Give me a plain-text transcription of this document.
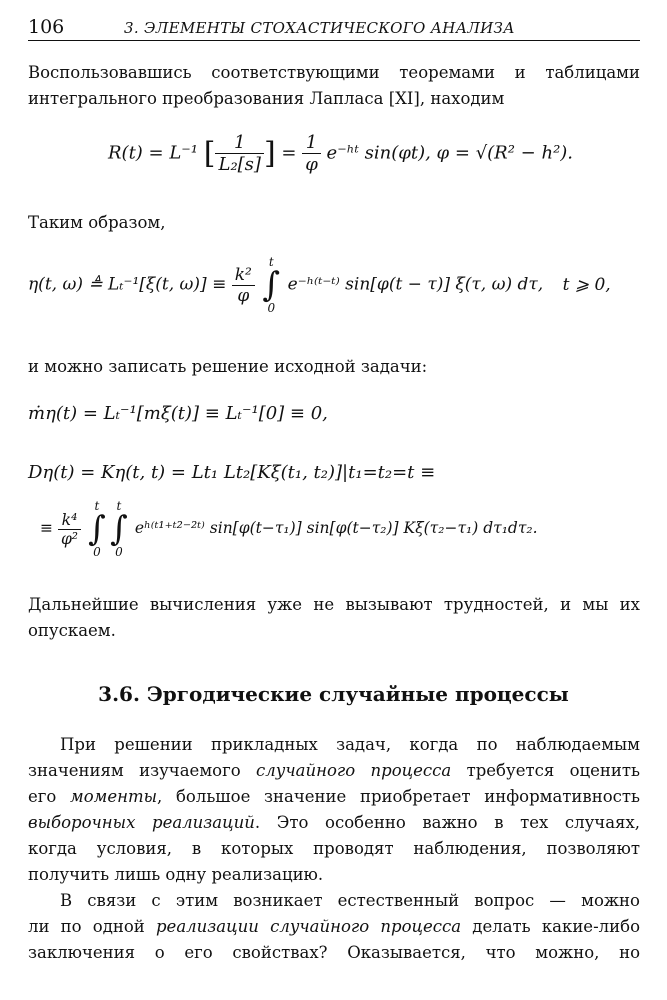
106	3. ЭЛЕМЕНТЫ СТОХАСТИЧЕСКОГО АНАЛИЗА

Воспользовавшись соответствующими теоремами и таблицами
интегрального преобразования Лапласа [XI], находим

R(t) = L⁻¹ [ $\frac{1}{\text{L₂[s]}}$ ] = $\frac{1}{\varphi}$ e⁻ʰᵗ sin(φt), φ = √(R² − h²).

Таким образом,

η(t, ω) ≜ Lₜ⁻¹[ξ(t, $\omega)] \equiv \frac{\text{k²}}{\varphi}$

t
∫
0
e⁻ʰ⁽ᵗ⁻ᵗ⁾ sin[φ(t − τ)] ξ(τ, ω) dτ, t ⩾ 0,

и можно записать решение исходной задачи:

ṁη(t) = Lₜ⁻¹[mξ(t)] ≡ Lₜ⁻¹[0] ≡ 0,
Dη(t) = Kη(t, t) = Lt₁ Lt₂[Kξ(t₁, t₂)]|t₁=t₂=t ≡
≡ $\frac{\text{k⁴}}{\text{φ²}}$

t
∫
0
t
∫
0
eʰ⁽ᵗ¹⁺ᵗ²⁻²ᵗ⁾ sin[φ(t−τ₁)] sin[φ(t−τ₂)] Kξ(τ₂−τ₁) dτ₁dτ₂.

Дальнейшие вычисления уже не вызывают трудностей, и мы их
опускаем.

3.6. Эргодические случайные процессы

При решении прикладных задач, когда по наблюдаемым
значениям изучаемого случайного процесса требуется оценить
его моменты, большое значение приобретает информативность
выборочных реализаций. Это особенно важно в тех случаях,
когда условия, в которых проводят наблюдения, позволяют
получить лишь одну реализацию.

В связи с этим возникает естественный вопрос — можно
ли по одной реализации случайного процесса делать какие-либо
заключения о его свойствах? Оказывается, что можно, но
